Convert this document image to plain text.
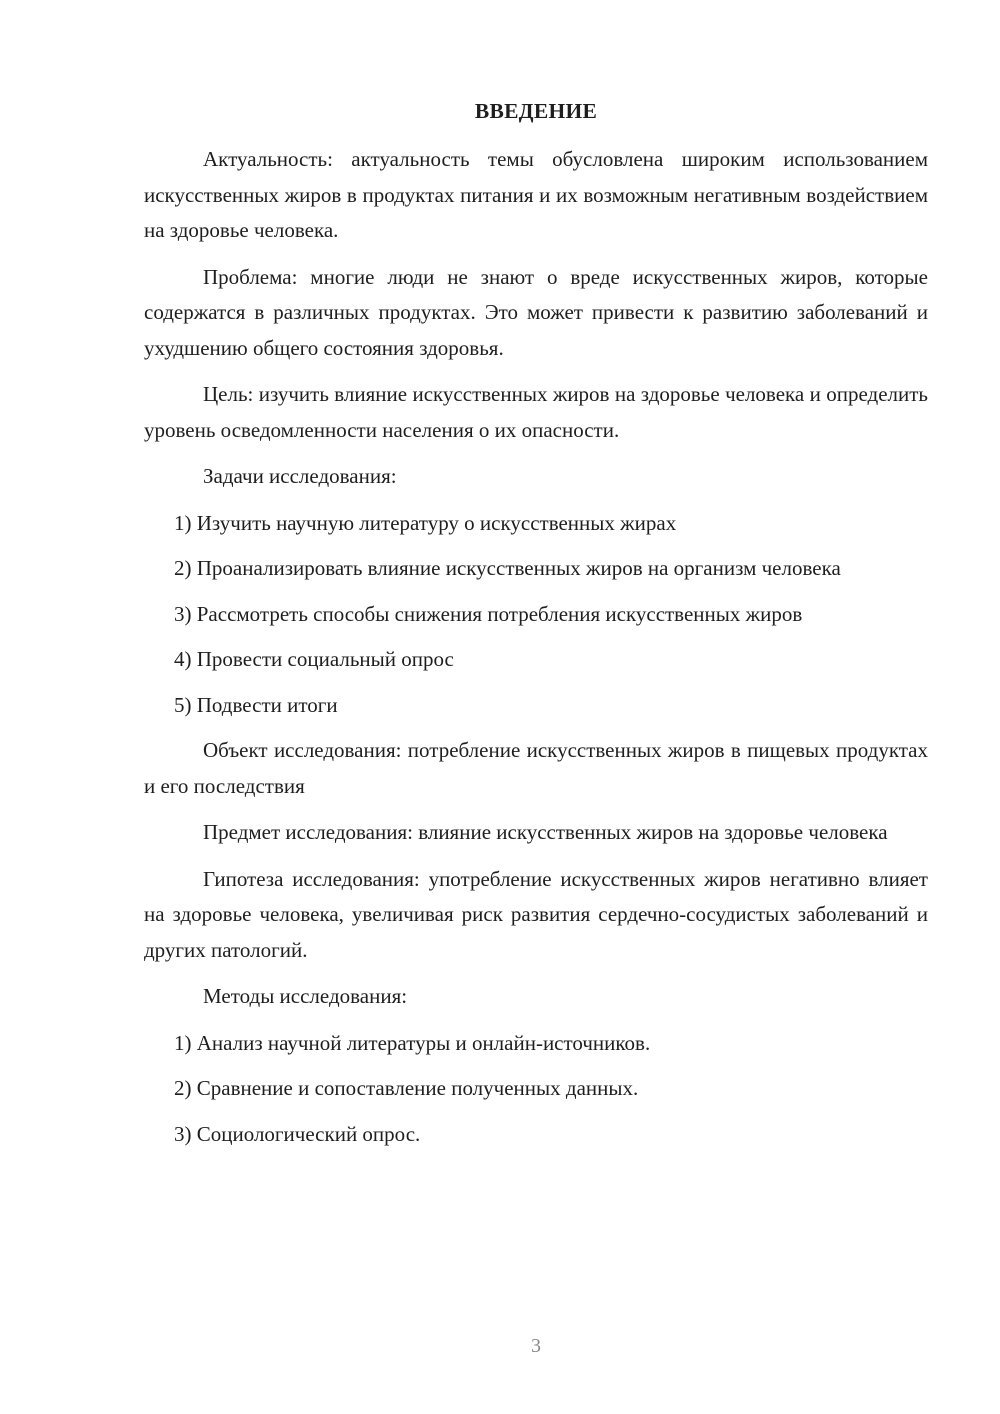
ВВЕДЕНИЕ

Актуальность: актуальность темы обусловлена широким использованием искусственных жиров в продуктах питания и их возможным негативным воздействием на здоровье человека.

Проблема: многие люди не знают о вреде искусственных жиров, которые содержатся в различных продуктах. Это может привести к развитию заболеваний и ухудшению общего состояния здоровья.

Цель: изучить влияние искусственных жиров на здоровье человека и определить уровень осведомленности населения о их опасности.

Задачи исследования:

1) Изучить научную литературу о искусственных жирах

2) Проанализировать влияние искусственных жиров на организм человека

3) Рассмотреть способы снижения потребления искусственных жиров

4) Провести социальный опрос

5) Подвести итоги

Объект исследования: потребление искусственных жиров в пищевых продуктах и его последствия

Предмет исследования: влияние искусственных жиров на здоровье человека

Гипотеза исследования: употребление искусственных жиров негативно влияет на здоровье человека, увеличивая риск развития сердечно-сосудистых заболеваний и других патологий.

Методы исследования:

1) Анализ научной литературы и онлайн-источников.

2) Сравнение и сопоставление полученных данных.

3) Социологический опрос.

3
